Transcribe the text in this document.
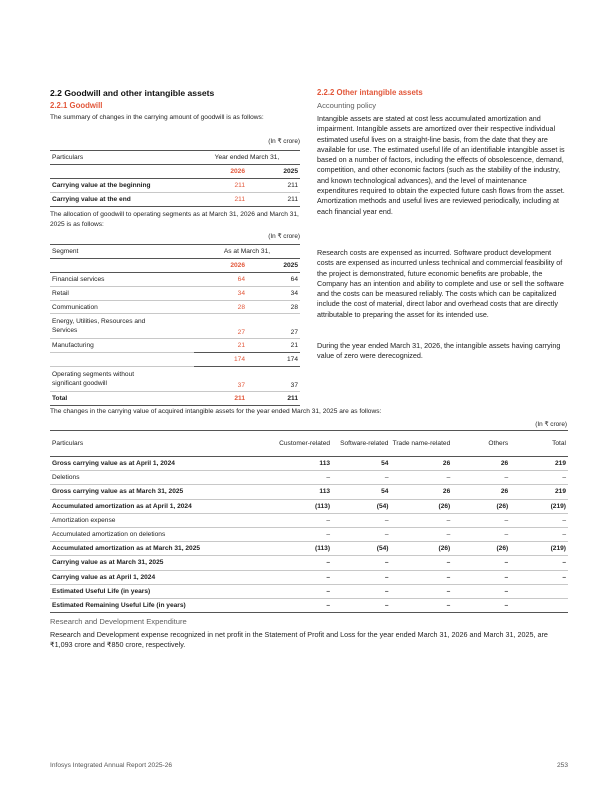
2.2 Goodwill and other intangible assets
2.2.1 Goodwill
The summary of changes in the carrying amount of goodwill is as follows:
(In ₹ crore)
Particulars	Year ended March 31,	
	2026	2025
Carrying value at the beginning	211	211
Carrying value at the end	211	211
The allocation of goodwill to operating segments as at March 31, 2026 and March 31, 2025 is as follows:
(In ₹ crore)
Segment	As at March 31,	
	2026	2025
Financial services	64	64
Retail	34	34
Communication	28	28
Energy, Utilities, Resources and Services	27	27
Manufacturing	21	21
	174	174
Operating segments without significant goodwill	37	37
Total	211	211
2.2.2 Other intangible assets
Accounting policy
Intangible assets are stated at cost less accumulated amortization and impairment. Intangible assets are amortized over their respective individual estimated useful lives on a straight-line basis, from the date that they are available for use. The estimated useful life of an identifiable intangible asset is based on a number of factors, including the effects of obsolescence, demand, competition, and other economic factors (such as the stability of the industry, and known technological advances), and the level of maintenance expenditures required to obtain the expected future cash flows from the asset. Amortization methods and useful lives are reviewed periodically, including at each financial year end.
Research costs are expensed as incurred. Software product development costs are expensed as incurred unless technical and commercial feasibility of the project is demonstrated, future economic benefits are probable, the Company has an intention and ability to complete and use or sell the software and the costs can be measured reliably. The costs which can be capitalized include the cost of material, direct labor and overhead costs that are directly attributable to preparing the asset for its intended use.
During the year ended March 31, 2026, the intangible assets having carrying value of zero were derecognized.
The changes in the carrying value of acquired intangible assets for the year ended March 31, 2025 are as follows:
(In ₹ crore)
Particulars	Customer-related	Software-related	Trade name-related	Others	Total
Gross carrying value as at April 1, 2024	113	54	26	26	219
Deletions	–	–	–	–	–
Gross carrying value as at March 31, 2025	113	54	26	26	219
Accumulated amortization as at April 1, 2024	(113)	(54)	(26)	(26)	(219)
Amortization expense	–	–	–	–	–
Accumulated amortization on deletions	–	–	–	–	–
Accumulated amortization as at March 31, 2025	(113)	(54)	(26)	(26)	(219)
Carrying value as at March 31, 2025	–	–	–	–	–
Carrying value as at April 1, 2024	–	–	–	–	–
Estimated Useful Life (in years)	–	–	–	–	
Estimated Remaining Useful Life (in years)	–	–	–	–	
Research and Development Expenditure
Research and Development expense recognized in net profit in the Statement of Profit and Loss for the year ended March 31, 2026 and March 31, 2025, are ₹1,093 crore and ₹850 crore, respectively.
Infosys Integrated Annual Report 2025-26	253
